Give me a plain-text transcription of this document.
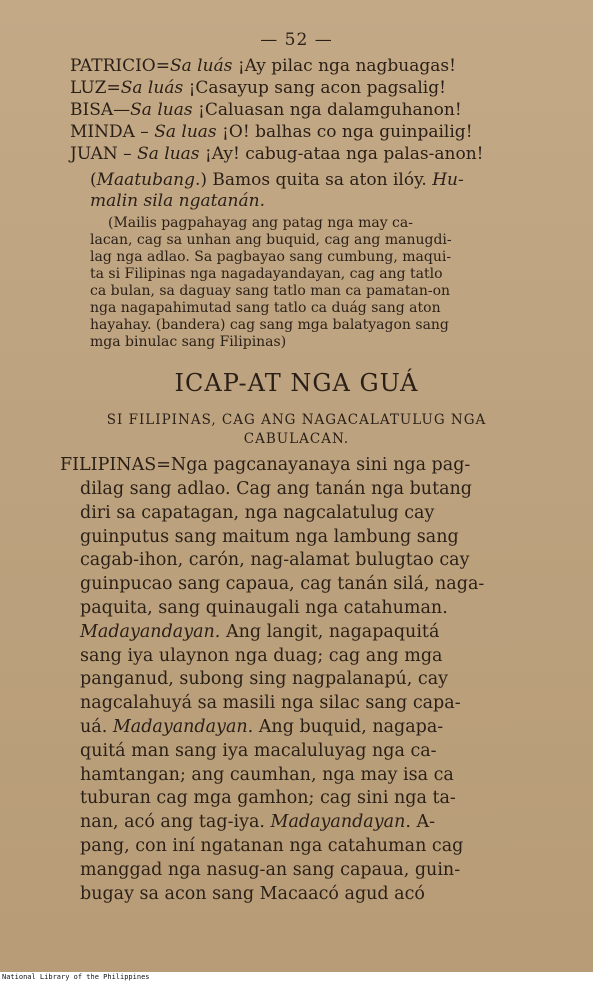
— 52 —
PATRICIO=Sa luás ¡Ay pilac nga nagbuagas!
LUZ=Sa luás ¡Casayup sang acon pagsalig!
BISA—Sa luas ¡Caluasan nga dalamguhanon!
MINDA – Sa luas ¡O! balhas co nga guinpailig!
JUAN – Sa luas ¡Ay! cabug-ataa nga palas-anon!
(Maatubang.) Bamos quita sa aton ilóy. Hu-
malin sila ngatanán.
(Mailis pagpahayag ang patag nga may ca-
lacan, cag sa unhan ang buquid, cag ang manugdi-
lag nga adlao. Sa pagbayao sang cumbung, maqui-
ta si Filipinas nga nagadayandayan, cag ang tatlo
ca bulan, sa daguay sang tatlo man ca pamatan-on
nga nagapahimutad sang tatlo ca duág sang aton
hayahay. (bandera) cag sang mga balatyagon sang
mga binulac sang Filipinas)
ICAP-AT NGA GUÁ
SI FILIPINAS, CAG ANG NAGACALATULUG NGA
CABULACAN.
FILIPINAS=Nga pagcanayanaya sini nga pag-
dilag sang adlao. Cag ang tanán nga butang
diri sa capatagan, nga nagcalatulug cay
guinputus sang maitum nga lambung sang
cagab-ihon, carón, nag-alamat bulugtao cay
guinpucao sang capaua, cag tanán silá, naga-
paquita, sang quinaugali nga catahuman.
Madayandayan. Ang langit, nagapaquitá
sang iya ulaynon nga duag; cag ang mga
panganud, subong sing nagpalanapú, cay
nagcalahuyá sa masili nga silac sang capa-
uá. Madayandayan. Ang buquid, nagapa-
quitá man sang iya macaluluyag nga ca-
hamtangan; ang caumhan, nga may isa ca
tuburan cag mga gamhon; cag sini nga ta-
nan, acó ang tag-iya. Madayandayan. A-
pang, con iní ngatanan nga catahuman cag
manggad nga nasug-an sang capaua, guin-
bugay sa acon sang Macaacó agud acó
National Library of the Philippines
